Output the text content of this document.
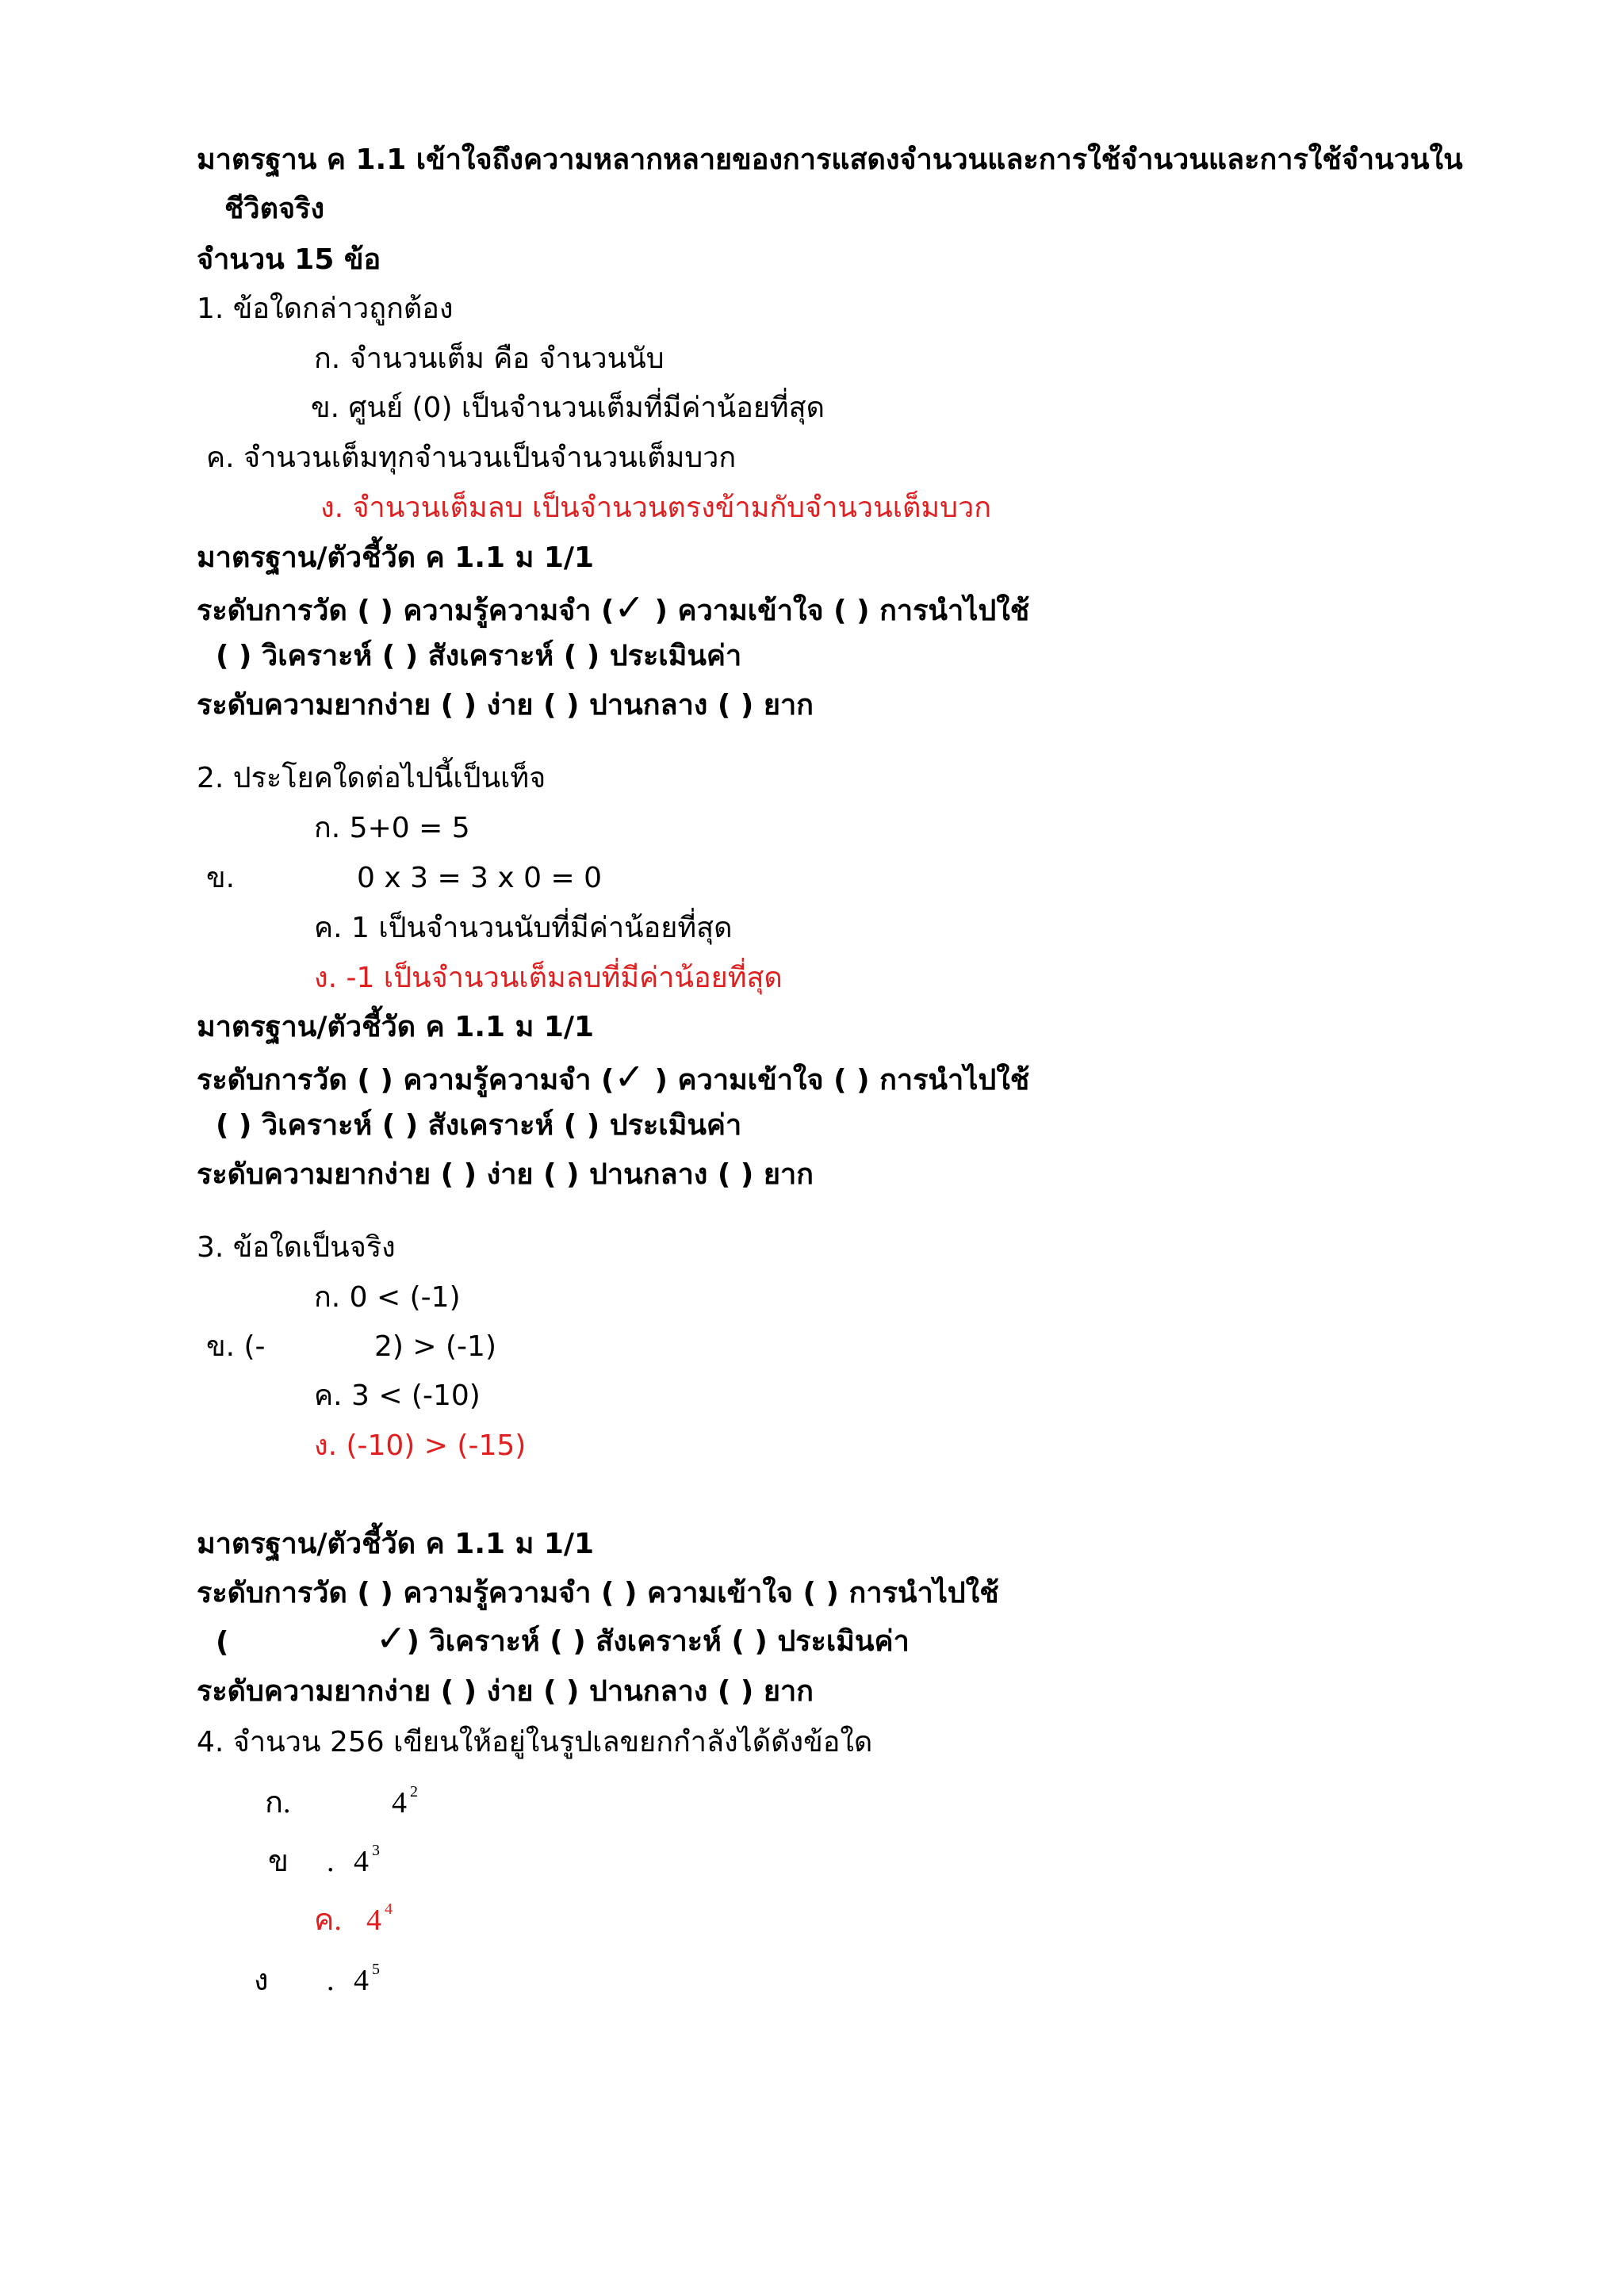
มาตรฐาน ค 1.1 เข้าใจถึงความหลากหลายของการแสดงจำนวนและการใช้จำนวนและการใช้จำนวนใน
ชีวิตจริง
จำนวน 15 ข้อ
1. ข้อใดกล่าวถูกต้อง
ก. จำนวนเต็ม คือ จำนวนนับ
ข. ศูนย์ (0) เป็นจำนวนเต็มที่มีค่าน้อยที่สุด
ค. จำนวนเต็มทุกจำนวนเป็นจำนวนเต็มบวก
ง. จำนวนเต็มลบ เป็นจำนวนตรงข้ามกับจำนวนเต็มบวก
มาตรฐาน/ตัวชี้วัด ค 1.1 ม 1/1
ระดับการวัด ( ) ความรู้ความจำ (✓ ) ความเข้าใจ ( ) การนำไปใช้
( ) วิเคราะห์ ( ) สังเคราะห์ ( ) ประเมินค่า
ระดับความยากง่าย ( ) ง่าย ( ) ปานกลาง ( ) ยาก
2. ประโยคใดต่อไปนี้เป็นเท็จ
ก. 5+0 = 5
ข.	0 x 3 = 3 x 0 = 0
ค. 1 เป็นจำนวนนับที่มีค่าน้อยที่สุด
ง. -1 เป็นจำนวนเต็มลบที่มีค่าน้อยที่สุด
มาตรฐาน/ตัวชี้วัด ค 1.1 ม 1/1
ระดับการวัด ( ) ความรู้ความจำ (✓ ) ความเข้าใจ ( ) การนำไปใช้
( ) วิเคราะห์ ( ) สังเคราะห์ ( ) ประเมินค่า
ระดับความยากง่าย ( ) ง่าย ( ) ปานกลาง ( ) ยาก
3. ข้อใดเป็นจริง
ก. 0 < (-1)
ข. (-	2) > (-1)
ค. 3 < (-10)
ง. (-10) > (-15)
มาตรฐาน/ตัวชี้วัด ค 1.1 ม 1/1
ระดับการวัด ( ) ความรู้ความจำ ( ) ความเข้าใจ ( ) การนำไปใช้
(	✓) วิเคราะห์ ( ) สังเคราะห์ ( ) ประเมินค่า
ระดับความยากง่าย ( ) ง่าย ( ) ปานกลาง ( ) ยาก
4. จำนวน 256 เขียนให้อยู่ในรูปเลขยกกำลังได้ดังข้อใด
ก.	4 $^2$
ข . 4 $^3$
ค. 4 $^4$
ง . 4 $^5$
